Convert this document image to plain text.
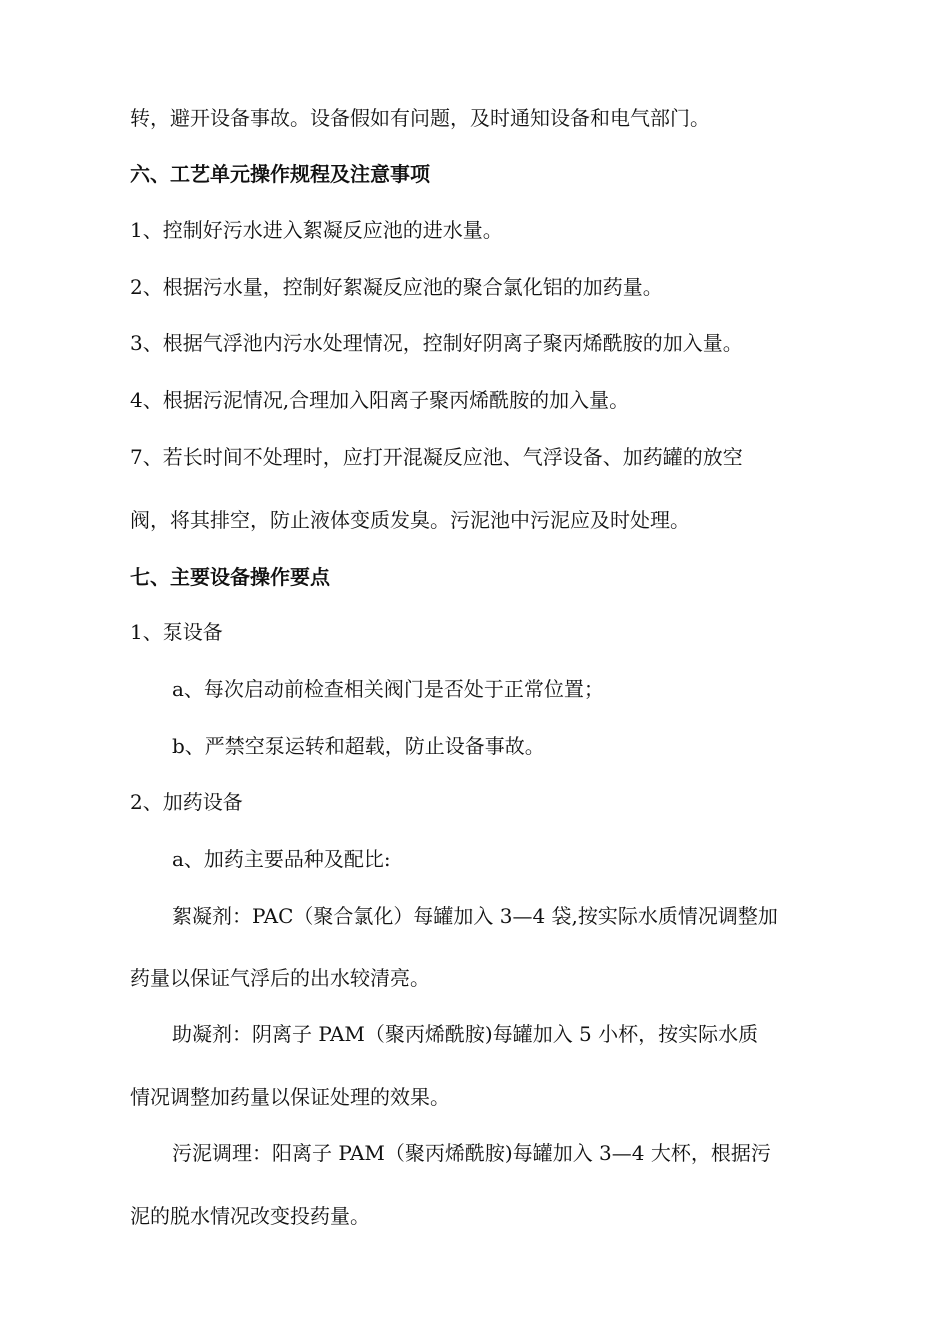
转，避开设备事故。设备假如有问题，及时通知设备和电气部门。
六、工艺单元操作规程及注意事项
1、控制好污水进入絮凝反应池的进水量。
2、根据污水量，控制好絮凝反应池的聚合氯化铝的加药量。
3、根据气浮池内污水处理情况，控制好阴离子聚丙烯酰胺的加入量。
4、根据污泥情况,合理加入阳离子聚丙烯酰胺的加入量。
7、若长时间不处理时，应打开混凝反应池、气浮设备、加药罐的放空
阀，将其排空，防止液体变质发臭。污泥池中污泥应及时处理。
七、主要设备操作要点
1、泵设备
a、每次启动前检查相关阀门是否处于正常位置；
b、严禁空泵运转和超载，防止设备事故。
2、加药设备
a、加药主要品种及配比:
絮凝剂：PAC（聚合氯化）每罐加入 3—4 袋,按实际水质情况调整加
药量以保证气浮后的出水较清亮。
助凝剂：阴离子 PAM（聚丙烯酰胺)每罐加入 5 小杯，按实际水质
情况调整加药量以保证处理的效果。
污泥调理：阳离子 PAM（聚丙烯酰胺)每罐加入 3—4 大杯，根据污
泥的脱水情况改变投药量。
